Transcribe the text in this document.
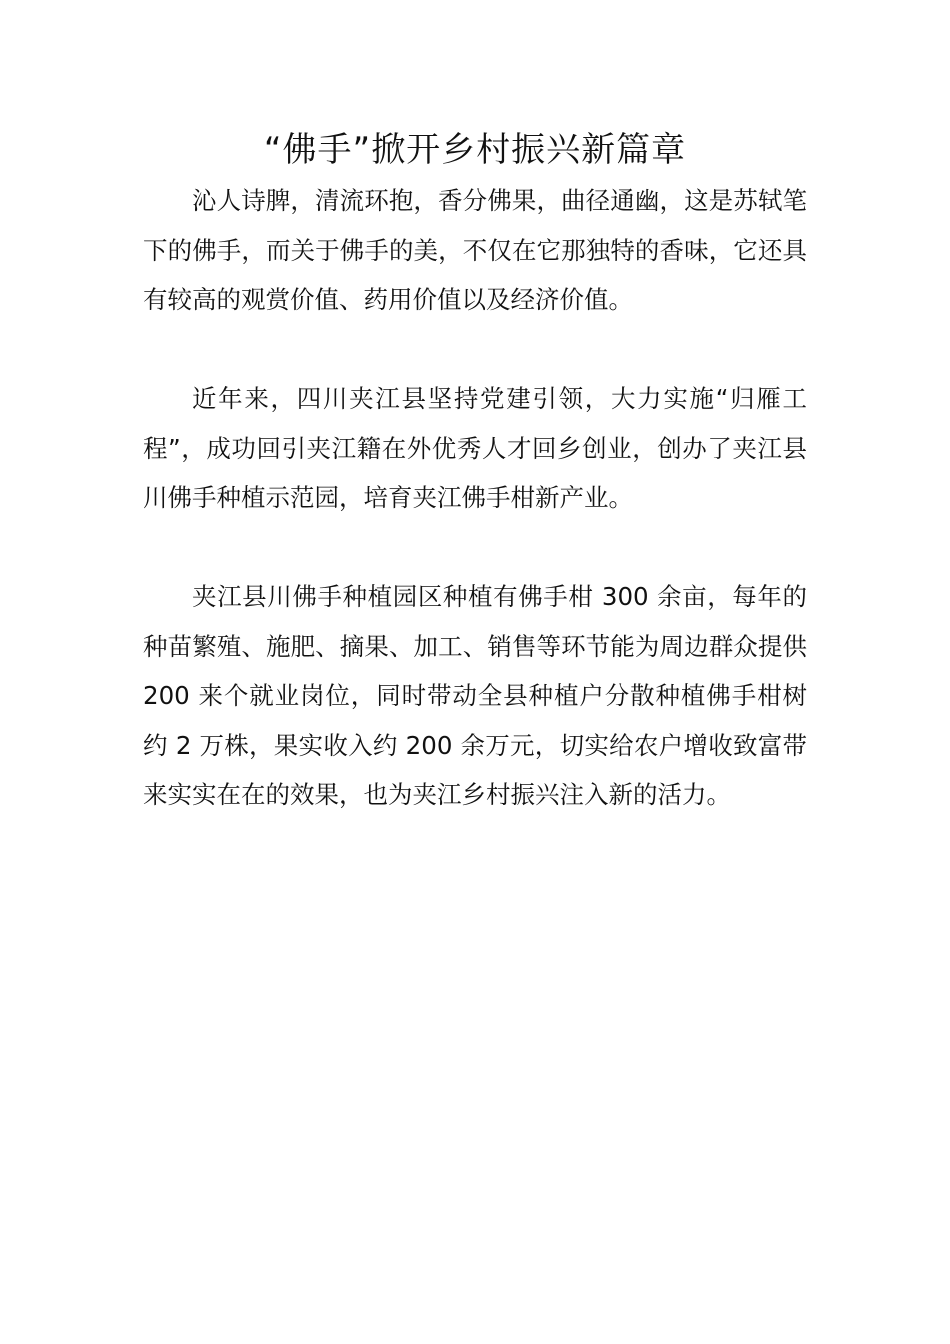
“佛手”掀开乡村振兴新篇章

沁人诗脾，清流环抱，香分佛果，曲径通幽，这是苏轼笔下的佛手，而关于佛手的美，不仅在它那独特的香味，它还具有较高的观赏价值、药用价值以及经济价值。

近年来，四川夹江县坚持党建引领，大力实施“归雁工程”，成功回引夹江籍在外优秀人才回乡创业，创办了夹江县川佛手种植示范园，培育夹江佛手柑新产业。

夹江县川佛手种植园区种植有佛手柑 300 余亩，每年的种苗繁殖、施肥、摘果、加工、销售等环节能为周边群众提供 200 来个就业岗位，同时带动全县种植户分散种植佛手柑树约 2 万株，果实收入约 200 余万元，切实给农户增收致富带来实实在在的效果，也为夹江乡村振兴注入新的活力。
